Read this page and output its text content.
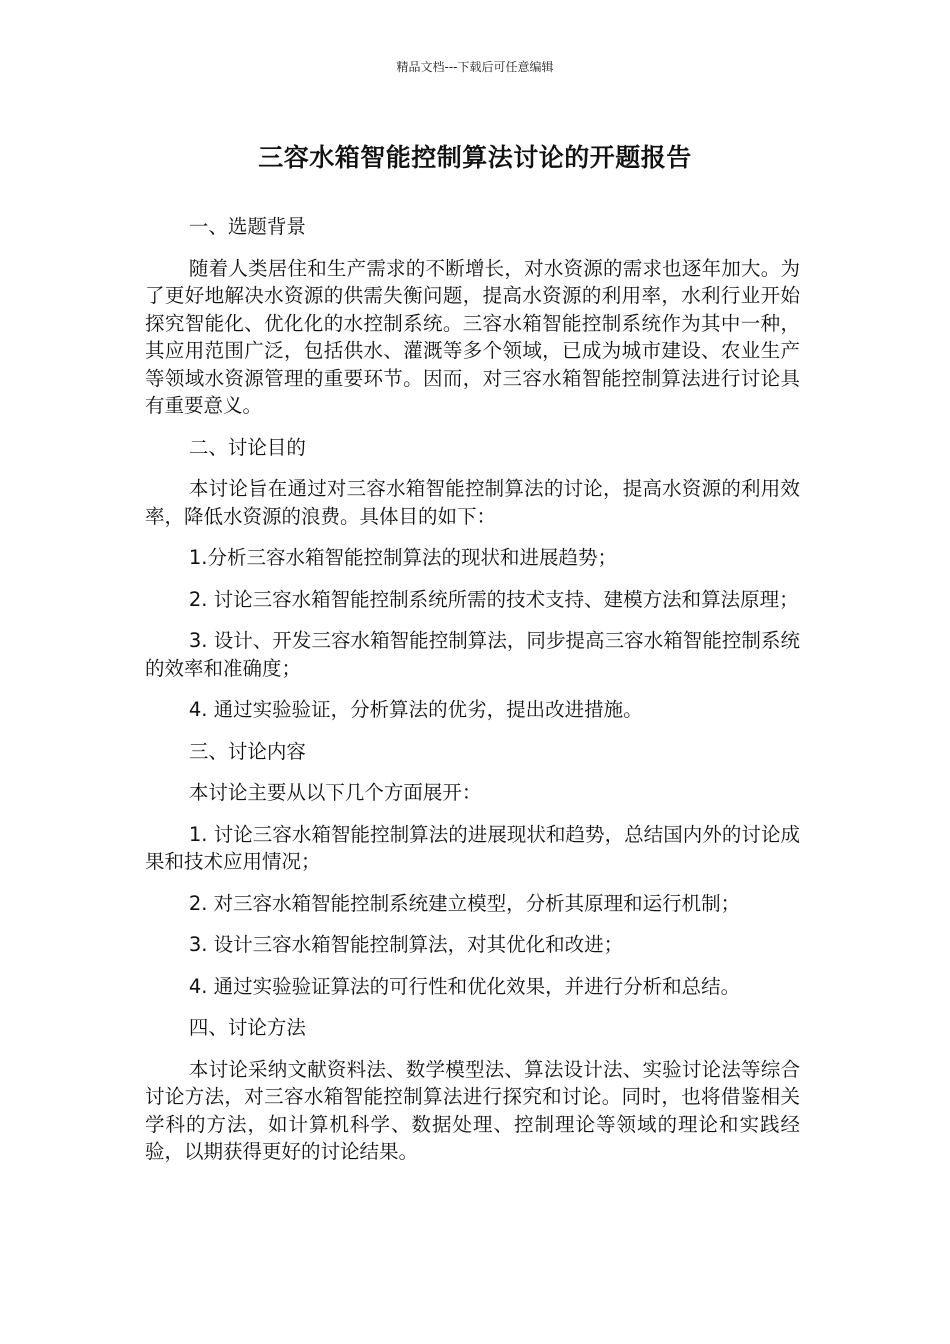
精品文档---下载后可任意编辑
三容水箱智能控制算法讨论的开题报告

一、选题背景

随着人类居住和生产需求的不断增长，对水资源的需求也逐年加大。为了更好地解决水资源的供需失衡问题，提高水资源的利用率，水利行业开始探究智能化、优化化的水控制系统。三容水箱智能控制系统作为其中一种，其应用范围广泛，包括供水、灌溉等多个领域，已成为城市建设、农业生产等领域水资源管理的重要环节。因而，对三容水箱智能控制算法进行讨论具有重要意义。

二、讨论目的

本讨论旨在通过对三容水箱智能控制算法的讨论，提高水资源的利用效率，降低水资源的浪费。具体目的如下：

1.分析三容水箱智能控制算法的现状和进展趋势；

2. 讨论三容水箱智能控制系统所需的技术支持、建模方法和算法原理；

3. 设计、开发三容水箱智能控制算法，同步提高三容水箱智能控制系统的效率和准确度；

4. 通过实验验证，分析算法的优劣，提出改进措施。

三、讨论内容

本讨论主要从以下几个方面展开：

1. 讨论三容水箱智能控制算法的进展现状和趋势，总结国内外的讨论成果和技术应用情况；

2. 对三容水箱智能控制系统建立模型，分析其原理和运行机制；

3. 设计三容水箱智能控制算法，对其优化和改进；

4. 通过实验验证算法的可行性和优化效果，并进行分析和总结。

四、讨论方法

本讨论采纳文献资料法、数学模型法、算法设计法、实验讨论法等综合讨论方法，对三容水箱智能控制算法进行探究和讨论。同时，也将借鉴相关学科的方法，如计算机科学、数据处理、控制理论等领域的理论和实践经验，以期获得更好的讨论结果。
